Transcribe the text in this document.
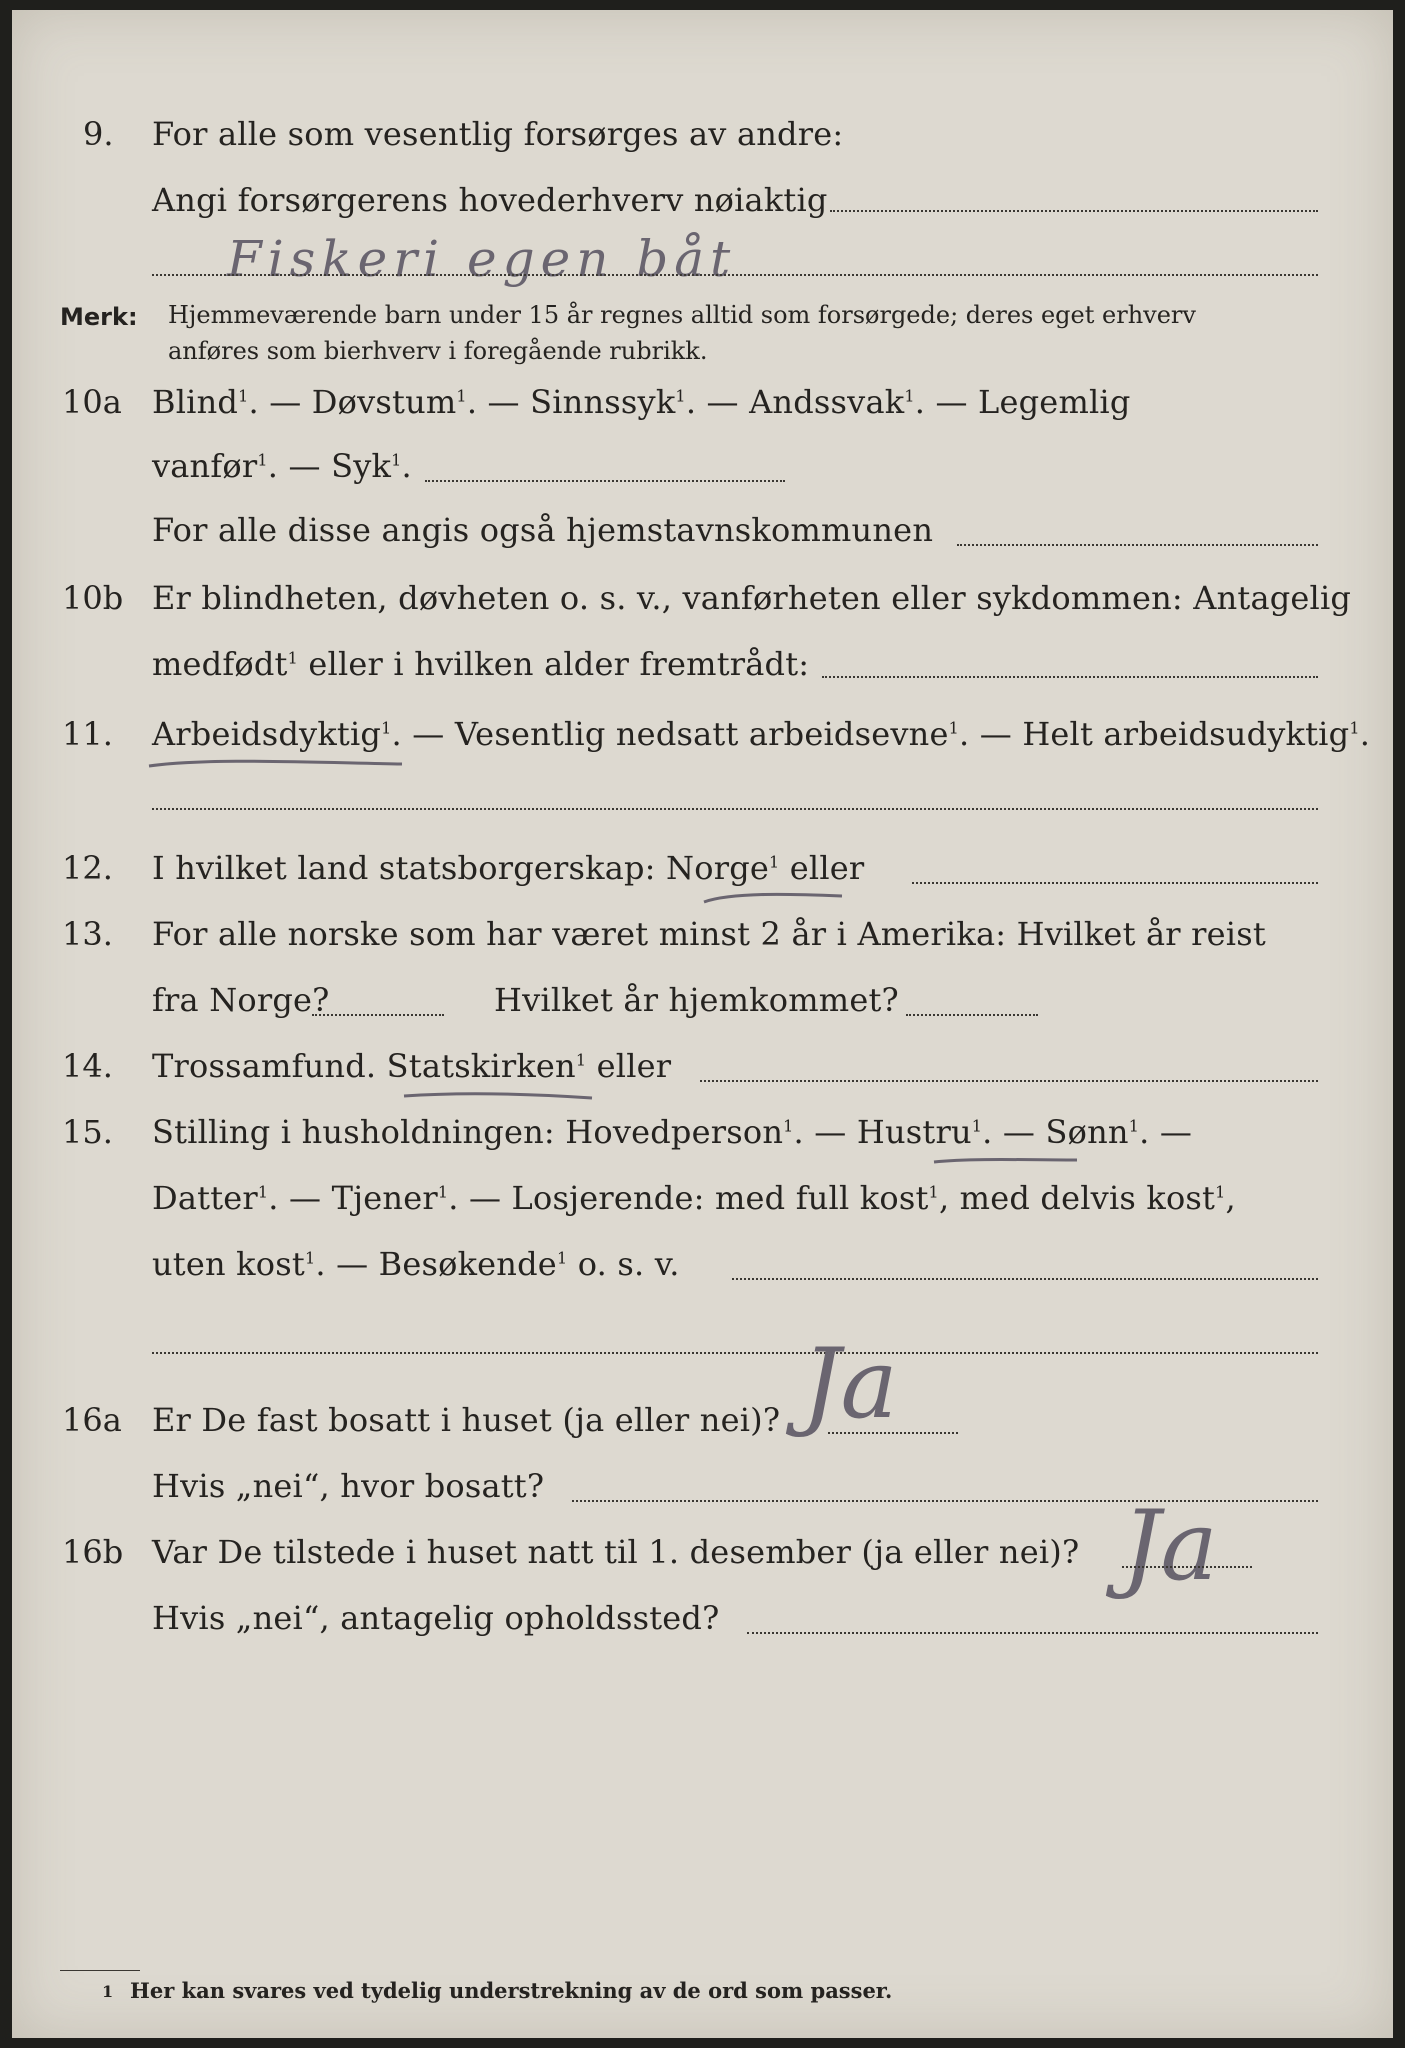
9. For alle som vesentlig forsørges av andre:
Angi forsørgerens hovederhverv nøiaktig
Fiskeri egen båt
Merk: Hjemmeværende barn under 15 år regnes alltid som forsørgede; deres eget erhverv
anføres som bierhverv i foregående rubrikk.
10a Blind$^1$. — Døvstum$^1$. — Sinnssyk$^1$. — Andssvak$^1$. — Legemlig
vanfør$^1$. — Syk$^1$.
For alle disse angis også hjemstavnskommunen
10b Er blindheten, døvheten o. s. v., vanførheten eller sykdommen: Antagelig
medfødt$^1$ eller i hvilken alder fremtrådt:
11. Arbeidsdyktig$^1$. — Vesentlig nedsatt arbeidsevne$^1$. — Helt arbeidsudyktig$^1$.
12. I hvilket land statsborgerskap: Norge$^1$ eller
13. For alle norske som har været minst 2 år i Amerika: Hvilket år reist
fra Norge?	Hvilket år hjemkommet?
14. Trossamfund. Statskirken$^1$ eller
15. Stilling i husholdningen: Hovedperson$^1$. — Hustru$^1$. — Sønn$^1$. —
Datter$^1$. — Tjener$^1$. — Losjerende: med full kost$^1$, med delvis kost$^1$,
uten kost$^1$. — Besøkende$^1$ o. s. v.
16a Er De fast bosatt i huset (ja eller nei)? Ja
Hvis „nei“, hvor bosatt?
16b Var De tilstede i huset natt til 1. desember (ja eller nei)? Ja
Hvis „nei“, antagelig opholdssted?
1 Her kan svares ved tydelig understrekning av de ord som passer.
